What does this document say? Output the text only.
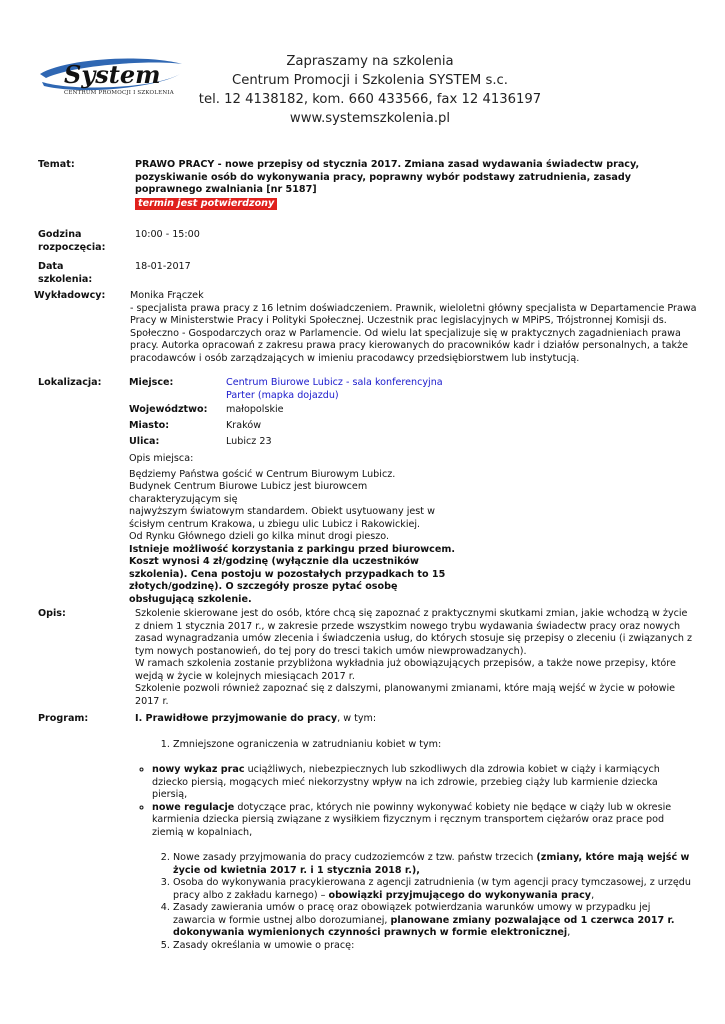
System
CENTRUM PROMOCJI I SZKOLENIA
Zapraszamy na szkolenia
Centrum Promocji i Szkolenia SYSTEM s.c.
tel. 12 4138182, kom. 660 433566, fax 12 4136197
www.systemszkolenia.pl
Temat:	PRAWO PRACY - nowe przepisy od stycznia 2017. Zmiana zasad wydawania świadectw pracy, pozyskiwanie osób do wykonywania pracy, poprawny wybór podstawy zatrudnienia, zasady poprawnego zwalniania [nr 5187]
termin jest potwierdzony
Godzina rozpoczęcia:
10:00 - 15:00
Data szkolenia:
18-01-2017
Wykładowcy:	Monika Frączek
- specjalista prawa pracy z 16 letnim doświadczeniem. Prawnik, wieloletni główny specjalista w Departamencie Prawa Pracy w Ministerstwie Pracy i Polityki Społecznej. Uczestnik prac legislacyjnych w MPiPS, Trójstronnej Komisji ds. Społeczno - Gospodarczych oraz w Parlamencie. Od wielu lat specjalizuje się w praktycznych zagadnieniach prawa pracy. Autorka opracowań z zakresu prawa pracy kierowanych do pracowników kadr i działów personalnych, a także pracodawców i osób zarządzających w imieniu pracodawcy przedsiębiorstwem lub instytucją.
Lokalizacja:	Miejsce:	Centrum Biurowe Lubicz - sala konferencyjna
Parter (mapka dojazdu)
Województwo: małopolskie
Miasto:	Kraków
Ulica:	Lubicz 23
Opis miejsca:
Będziemy Państwa gościć w Centrum Biurowym Lubicz.
Budynek Centrum Biurowe Lubicz jest biurowcem
charakteryzującym się
najwyższym światowym standardem. Obiekt usytuowany jest w
ścisłym centrum Krakowa, u zbiegu ulic Lubicz i Rakowickiej.
Od Rynku Głównego dzieli go kilka minut drogi pieszo.
Istnieje możliwość korzystania z parkingu przed biurowcem.
Koszt wynosi 4 zł/godzinę (wyłącznie dla uczestników
szkolenia). Cena postoju w pozostałych przypadkach to 15
złotych/godzinę). O szczegóły prosze pytać osobę
obsługującą szkolenie.
Opis:	Szkolenie skierowane jest do osób, które chcą się zapoznać z praktycznymi skutkami zmian, jakie wchodzą w życie z dniem 1 stycznia 2017 r., w zakresie przede wszystkim nowego trybu wydawania świadectw pracy oraz nowych zasad wynagradzania umów zlecenia i świadczenia usług, do których stosuje się przepisy o zleceniu (i związanych z tym nowych postanowień, do tej pory do tresci takich umów niewprowadzanych).

W ramach szkolenia zostanie przybliżona wykładnia już obowiązujących przepisów, a także nowe przepisy, które wejdą w życie w kolejnych miesiącach 2017 r.

Szkolenie pozwoli również zapoznać się z dalszymi, planowanymi zmianami, które mają wejść w życie w połowie 2017 r.

Program:	I. Prawidłowe przyjmowanie do pracy, w tym:
1. Zmniejszone ograniczenia w zatrudnianiu kobiet w tym:
◦ nowy wykaz prac uciążliwych, niebezpiecznych lub szkodliwych dla zdrowia kobiet w ciąży i karmiących dziecko piersią, mogących mieć niekorzystny wpływ na ich zdrowie, przebieg ciąży lub karmienie dziecka piersią,
◦ nowe regulacje dotyczące prac, których nie powinny wykonywać kobiety nie będące w ciąży lub w okresie karmienia dziecka piersią związane z wysiłkiem fizycznym i ręcznym transportem ciężarów oraz prace pod ziemią w kopalniach,
2. Nowe zasady przyjmowania do pracy cudzoziemców z tzw. państw trzecich (zmiany, które mają wejść w życie od kwietnia 2017 r. i 1 stycznia 2018 r.),
3. Osoba do wykonywania pracykierowana z agencji zatrudnienia (w tym agencji pracy tymczasowej, z urzędu pracy albo z zakładu karnego) – obowiązki przyjmującego do wykonywania pracy,
4. Zasady zawierania umów o pracę oraz obowiązek potwierdzania warunków umowy w przypadku jej zawarcia w formie ustnej albo dorozumianej, planowane zmiany pozwalające od 1 czerwca 2017 r. dokonywania wymienionych czynności prawnych w formie elektronicznej,
5. Zasady określania w umowie o pracę:
